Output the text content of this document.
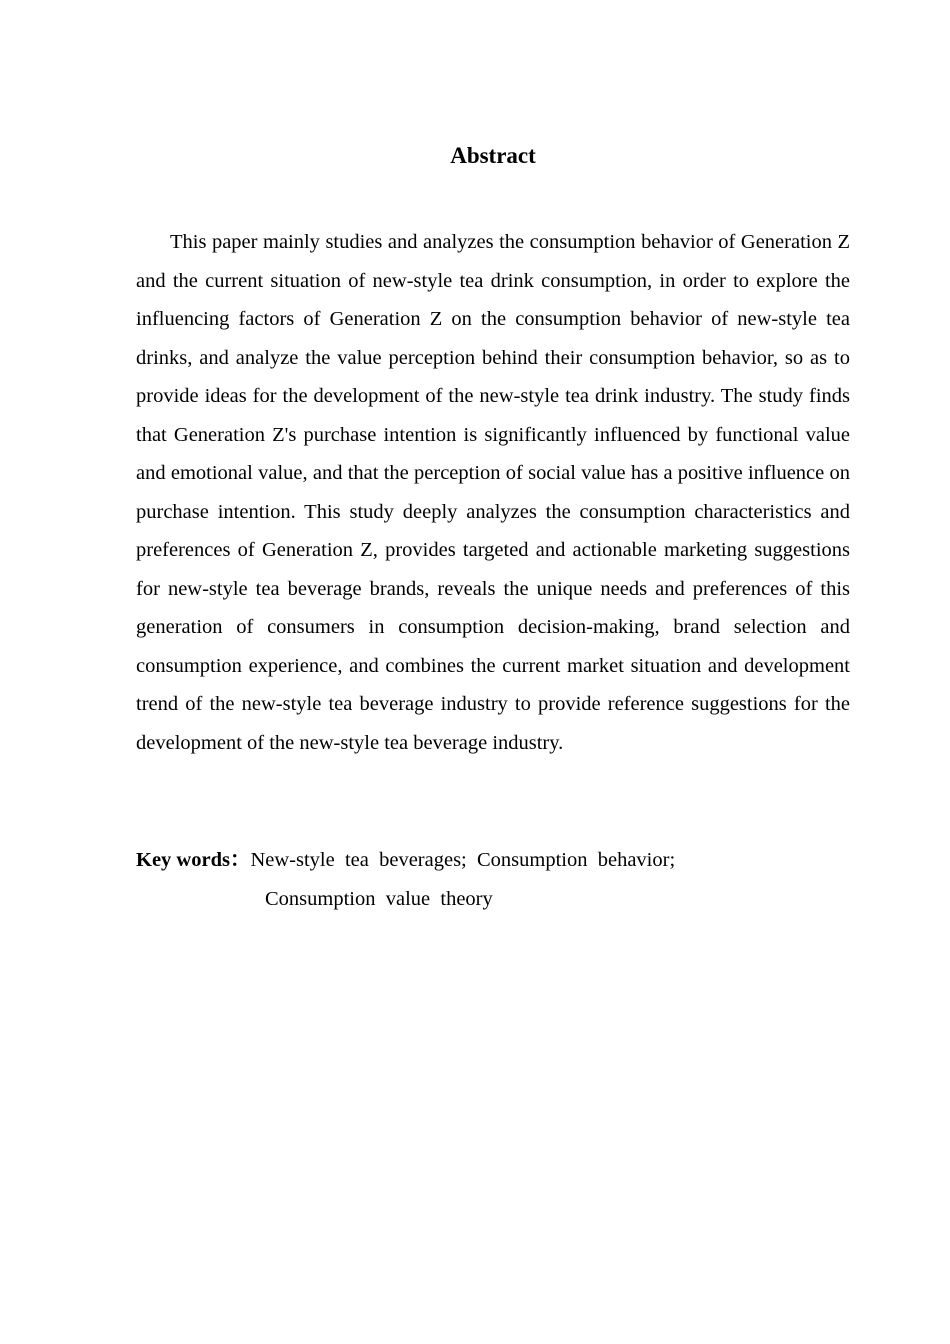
Abstract

This paper mainly studies and analyzes the consumption behavior of Generation Z and the current situation of new-style tea drink consumption, in order to explore the influencing factors of Generation Z on the consumption behavior of new-style tea drinks, and analyze the value perception behind their consumption behavior, so as to provide ideas for the development of the new-style tea drink industry. The study finds that Generation Z's purchase intention is significantly influenced by functional value and emotional value, and that the perception of social value has a positive influence on purchase intention. This study deeply analyzes the consumption characteristics and preferences of Generation Z, provides targeted and actionable marketing suggestions for new-style tea beverage brands, reveals the unique needs and preferences of this generation of consumers in consumption decision-making, brand selection and consumption experience, and combines the current market situation and development trend of the new-style tea beverage industry to provide reference suggestions for the development of the new-style tea beverage industry.

Key words：New-style  tea  beverages;  Consumption  behavior;
Consumption  value  theory
